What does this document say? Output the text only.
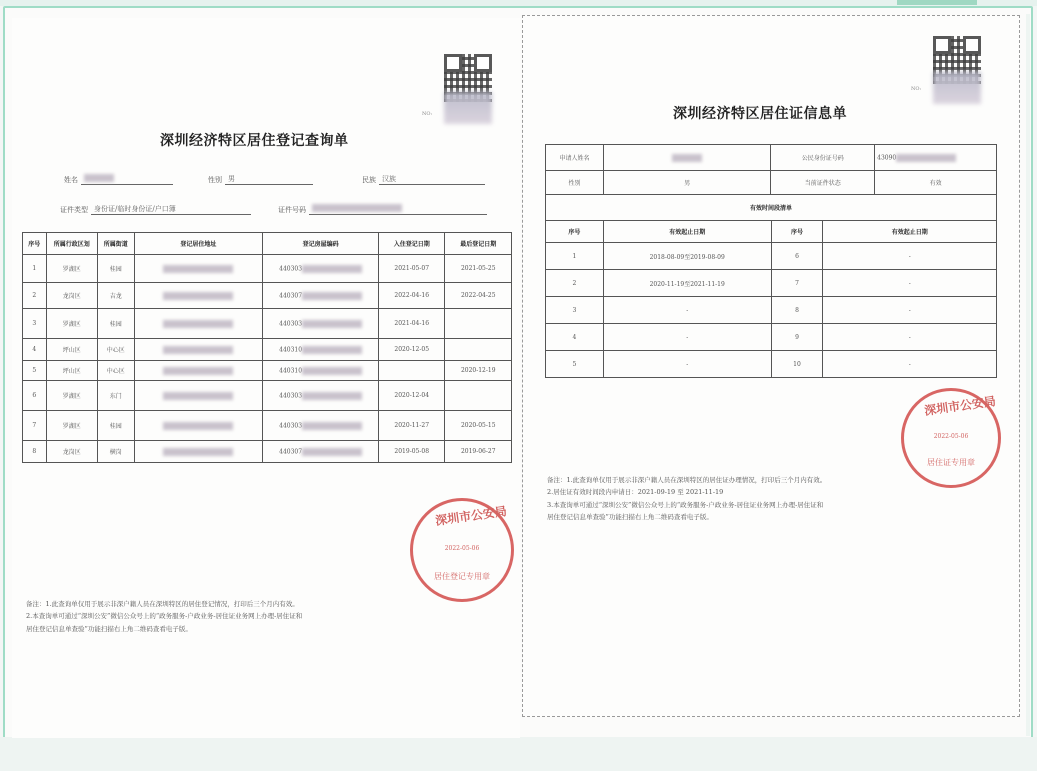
NO:
深圳经济特区居住登记查询单
姓名	性别 男	民族 汉族
证件类型 身份证/临时身份证/户口簿	证件号码
序号	所属行政区划	所属街道	登记居住地址	登记房屋编码	入住登记日期	最后登记日期
1	罗湖区	桂园		440303	2021-05-07	2021-05-25
2	龙岗区	吉龙		440307	2022-04-16	2022-04-25
3	罗湖区	桂园		440303	2021-04-16	
4	坪山区	中心区		440310	2020-12-05	
5	坪山区	中心区		440310		2020-12-19
6	罗湖区	东门		440303	2020-12-04	
7	罗湖区	桂园		440303	2020-11-27	2020-05-15
8	龙岗区	横岗		440307	2019-05-08	2019-06-27
深圳市公安局
2022-05-06
居住登记专用章
备注：1.此查询单仅用于展示非深户籍人员在深圳特区的居住登记情况，打印后三个月内有效。
2.本查询单可通过“深圳公安”微信公众号上的“政务服务-户政业务-居住证业务网上办理-居住证和
居住登记信息单查验”功能扫描右上角二维码查看电子版。
NO:
深圳经济特区居住证信息单
申请人姓名		公民身份证号码	43090
性别	男	当前证件状态	有效
有效时间段清单			
序号	有效起止日期	序号	有效起止日期
1	2018-08-09至2019-08-09	6	-
2	2020-11-19至2021-11-19	7	-
3	-	8	-
4	-	9	-
5	-	10	-
深圳市公安局
2022-05-06
居住证专用章
备注：1.此查询单仅用于展示非深户籍人员在深圳特区的居住证办理情况，打印后三个月内有效。
2.居住证有效时间段内申请日：2021-09-19 至 2021-11-19
3.本查询单可通过“深圳公安”微信公众号上的“政务服务-户政业务-居住证业务网上办理-居住证和
居住登记信息单查验”功能扫描右上角二维码查看电子版。
